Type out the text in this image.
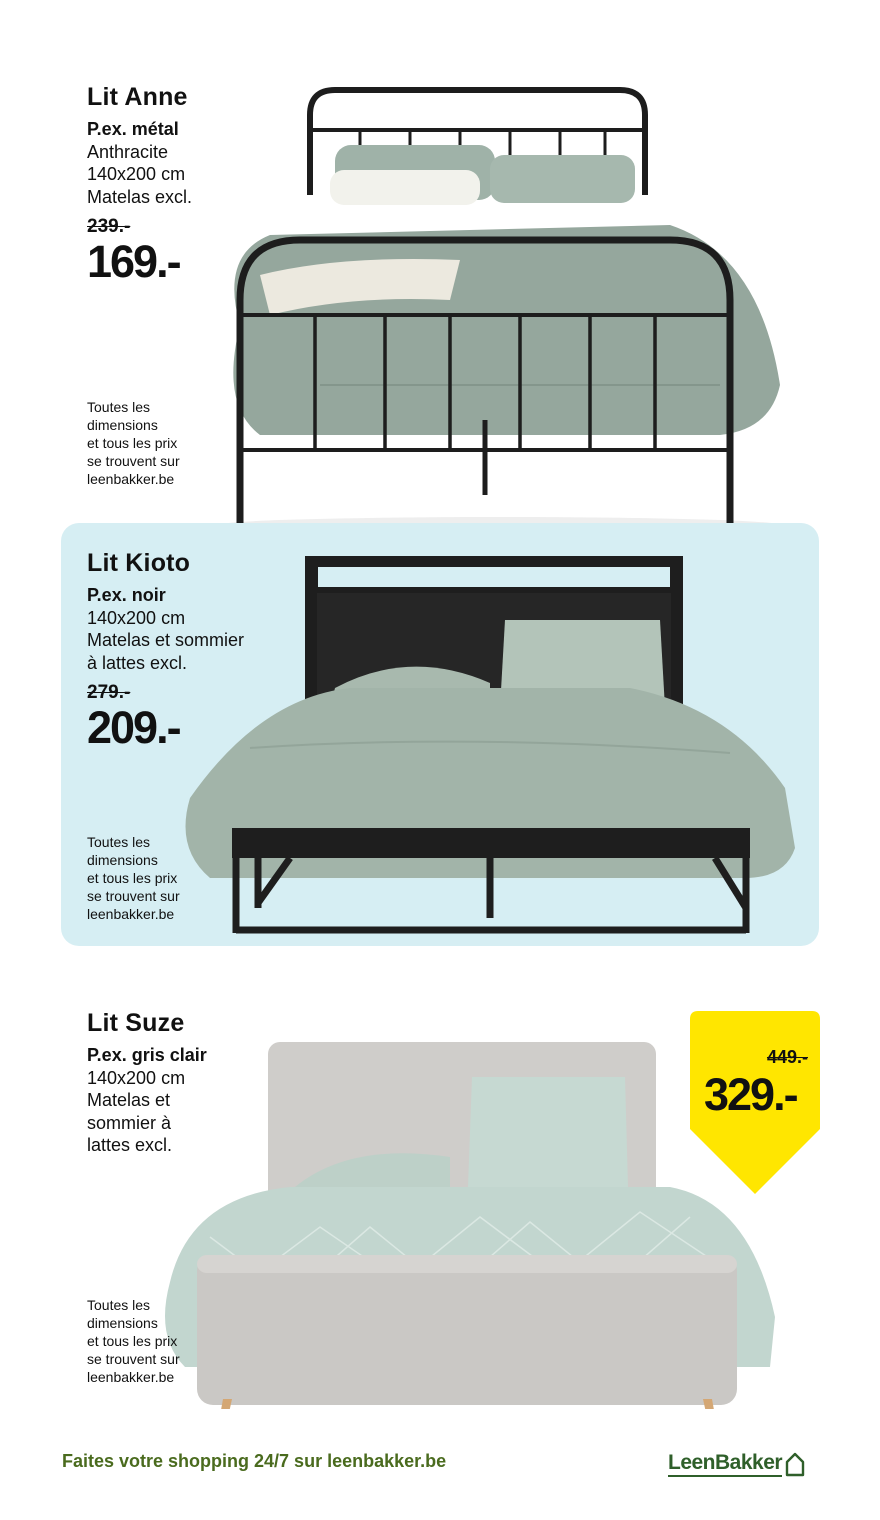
Lit Anne
P.ex. métal
Anthracite
140x200 cm
Matelas excl.
239.-
169.-
Toutes les
dimensions
et tous les prix
se trouvent sur
leenbakker.be
Lit Kioto
P.ex. noir
140x200 cm
Matelas et sommier
à lattes excl.
279.-
209.-
Toutes les
dimensions
et tous les prix
se trouvent sur
leenbakker.be
Lit Suze
P.ex. gris clair
140x200 cm
Matelas et
sommier à
lattes excl.
449.-
329.-
Toutes les
dimensions
et tous les prix
se trouvent sur
leenbakker.be
Faites votre shopping 24/7 sur leenbakker.be	LeenBakker
